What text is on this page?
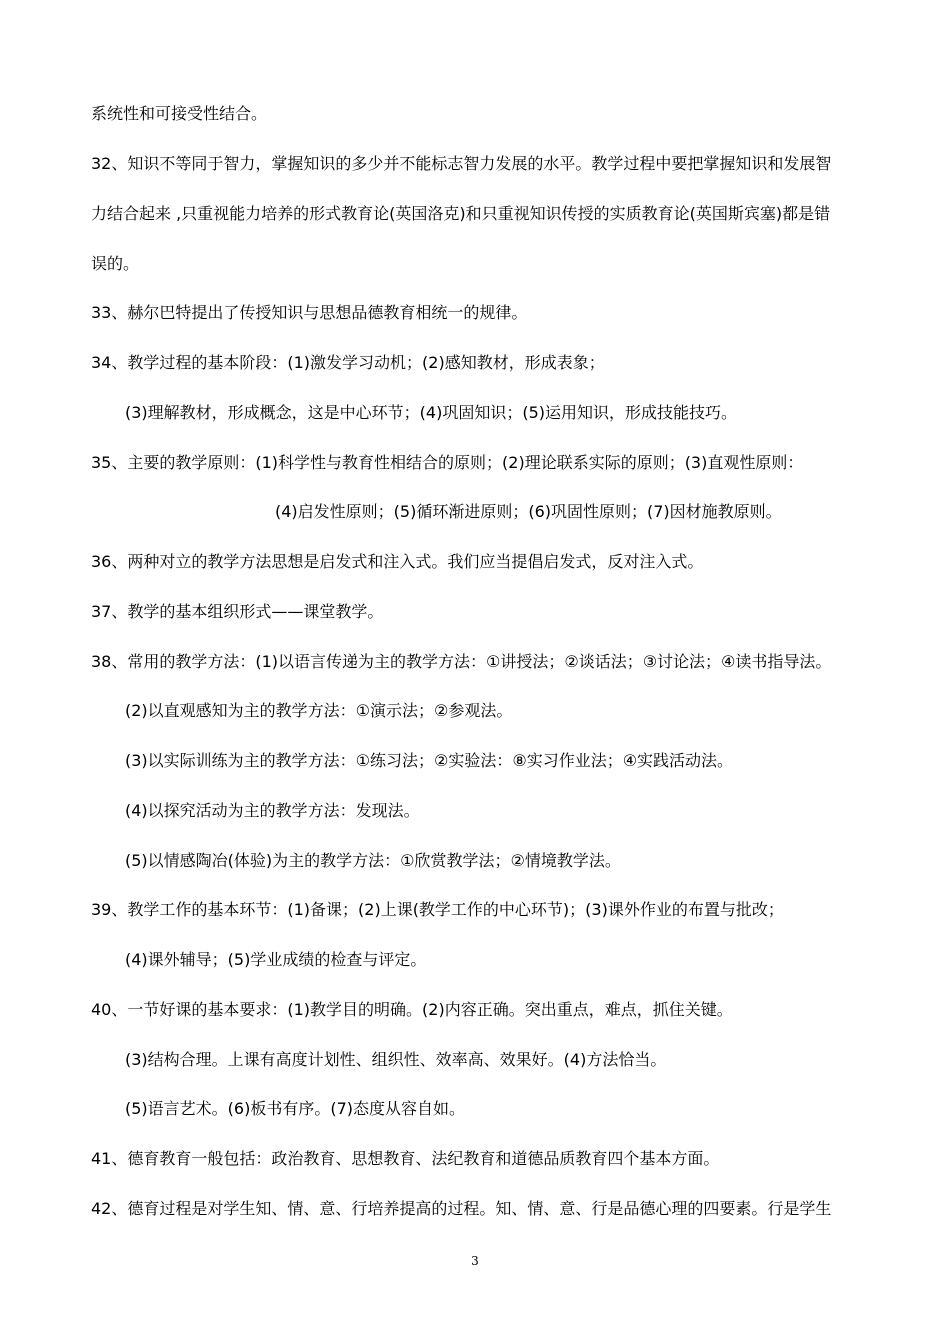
系统性和可接受性结合。
32、知识不等同于智力，掌握知识的多少并不能标志智力发展的水平。教学过程中要把掌握知识和发展智
力结合起来 ,只重视能力培养的形式教育论(英国洛克)和只重视知识传授的实质教育论(英国斯宾塞)都是错
误的。
33、赫尔巴特提出了传授知识与思想品德教育相统一的规律。
34、教学过程的基本阶段：(1)激发学习动机；(2)感知教材，形成表象；
(3)理解教材，形成概念，这是中心环节；(4)巩固知识；(5)运用知识，形成技能技巧。
35、主要的教学原则：(1)科学性与教育性相结合的原则；(2)理论联系实际的原则；(3)直观性原则：
(4)启发性原则；(5)循环渐进原则；(6)巩固性原则；(7)因材施教原则。
36、两种对立的教学方法思想是启发式和注入式。我们应当提倡启发式，反对注入式。
37、教学的基本组织形式——课堂教学。
38、常用的教学方法：(1)以语言传递为主的教学方法：①讲授法；②谈话法；③讨论法；④读书指导法。
(2)以直观感知为主的教学方法：①演示法；②参观法。
(3)以实际训练为主的教学方法：①练习法；②实验法：⑧实习作业法；④实践活动法。
(4)以探究活动为主的教学方法：发现法。
(5)以情感陶冶(体验)为主的教学方法：①欣赏教学法；②情境教学法。
39、教学工作的基本环节：(1)备课；(2)上课(教学工作的中心环节)；(3)课外作业的布置与批改；
(4)课外辅导；(5)学业成绩的检查与评定。
40、一节好课的基本要求：(1)教学目的明确。(2)内容正确。突出重点，难点，抓住关键。
(3)结构合理。上课有高度计划性、组织性、效率高、效果好。(4)方法恰当。
(5)语言艺术。(6)板书有序。(7)态度从容自如。
41、德育教育一般包括：政治教育、思想教育、法纪教育和道德品质教育四个基本方面。
42、德育过程是对学生知、情、意、行培养提高的过程。知、情、意、行是品德心理的四要素。行是学生
3
